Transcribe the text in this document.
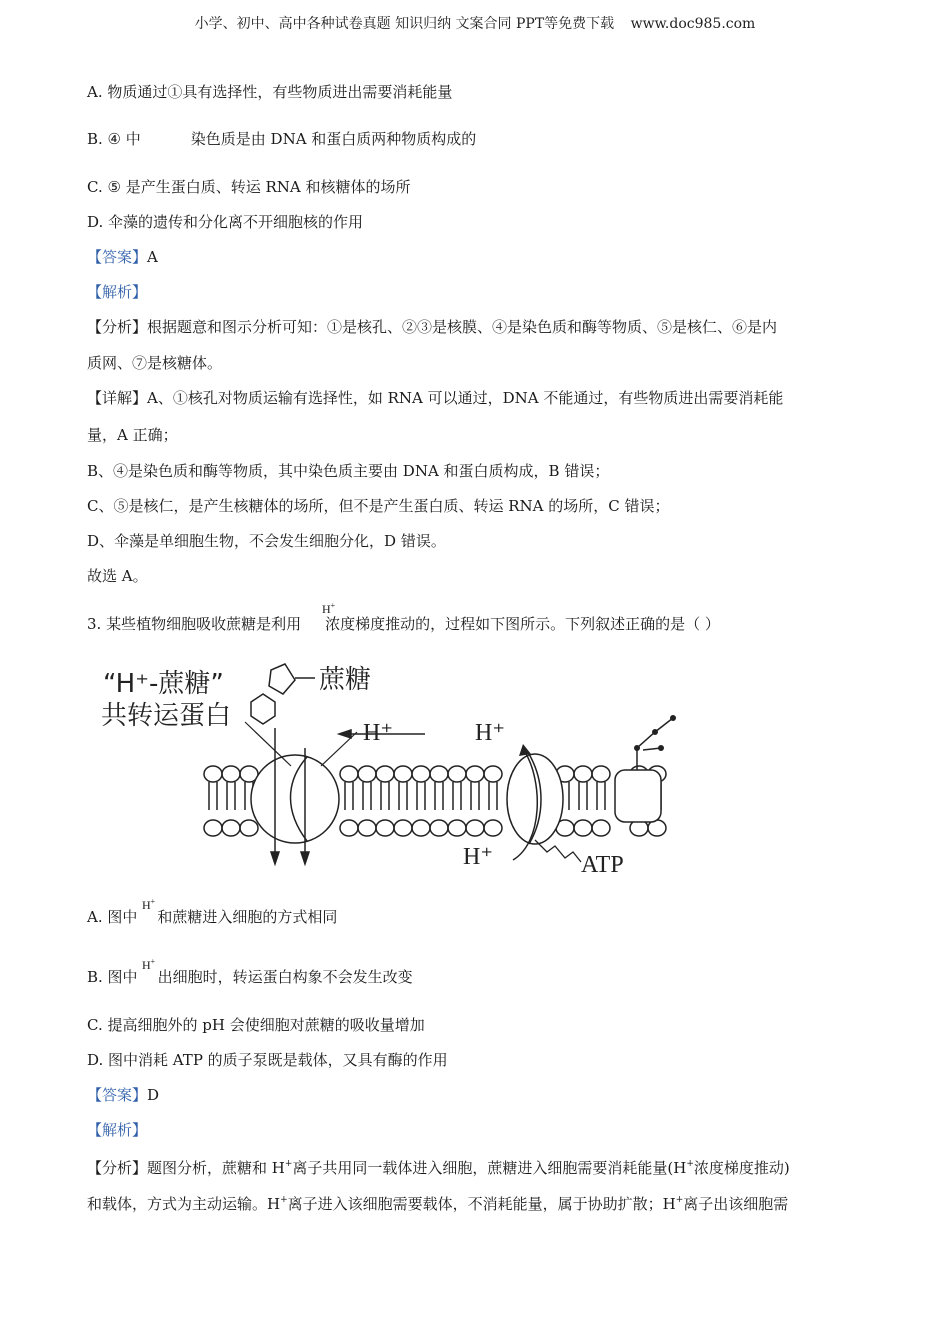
小学、初中、高中各种试卷真题 知识归纳 文案合同 PPT等免费下载 www.doc985.com
A. 物质通过①具有选择性，有些物质进出需要消耗能量
B. ④ 中	染色质是由 DNA 和蛋白质两种物质构成的
C. ⑤ 是产生蛋白质、转运 RNA 和核糖体的场所
D. 伞藻的遗传和分化离不开细胞核的作用
【答案】A
【解析】
【分析】根据题意和图示分析可知：①是核孔、②③是核膜、④是染色质和酶等物质、⑤是核仁、⑥是内
质网、⑦是核糖体。
【详解】A、①核孔对物质运输有选择性，如 RNA 可以通过，DNA 不能通过，有些物质进出需要消耗能
量，A 正确；
B、④是染色质和酶等物质，其中染色质主要由 DNA 和蛋白质构成，B 错误；
C、⑤是核仁，是产生核糖体的场所，但不是产生蛋白质、转运 RNA 的场所，C 错误；
D、伞藻是单细胞生物，不会发生细胞分化，D 错误。
故选 A。
H+
3. 某些植物细胞吸收蔗糖是利用 浓度梯度推动的，过程如下图所示。下列叙述正确的是（ ）
“H⁺-蔗糖”
共转运蛋白
蔗糖
H⁺	H⁺
H⁺	ATP
H+
A. 图中 和蔗糖进入细胞的方式相同
H+
B. 图中 出细胞时，转运蛋白构象不会发生改变
C. 提高细胞外的 pH 会使细胞对蔗糖的吸收量增加
D. 图中消耗 ATP 的质子泵既是载体，又具有酶的作用
【答案】D
【解析】
【分析】题图分析，蔗糖和 H+离子共用同一载体进入细胞，蔗糖进入细胞需要消耗能量(H+浓度梯度推动)
和载体，方式为主动运输。H+离子进入该细胞需要载体，不消耗能量，属于协助扩散；H+离子出该细胞需
